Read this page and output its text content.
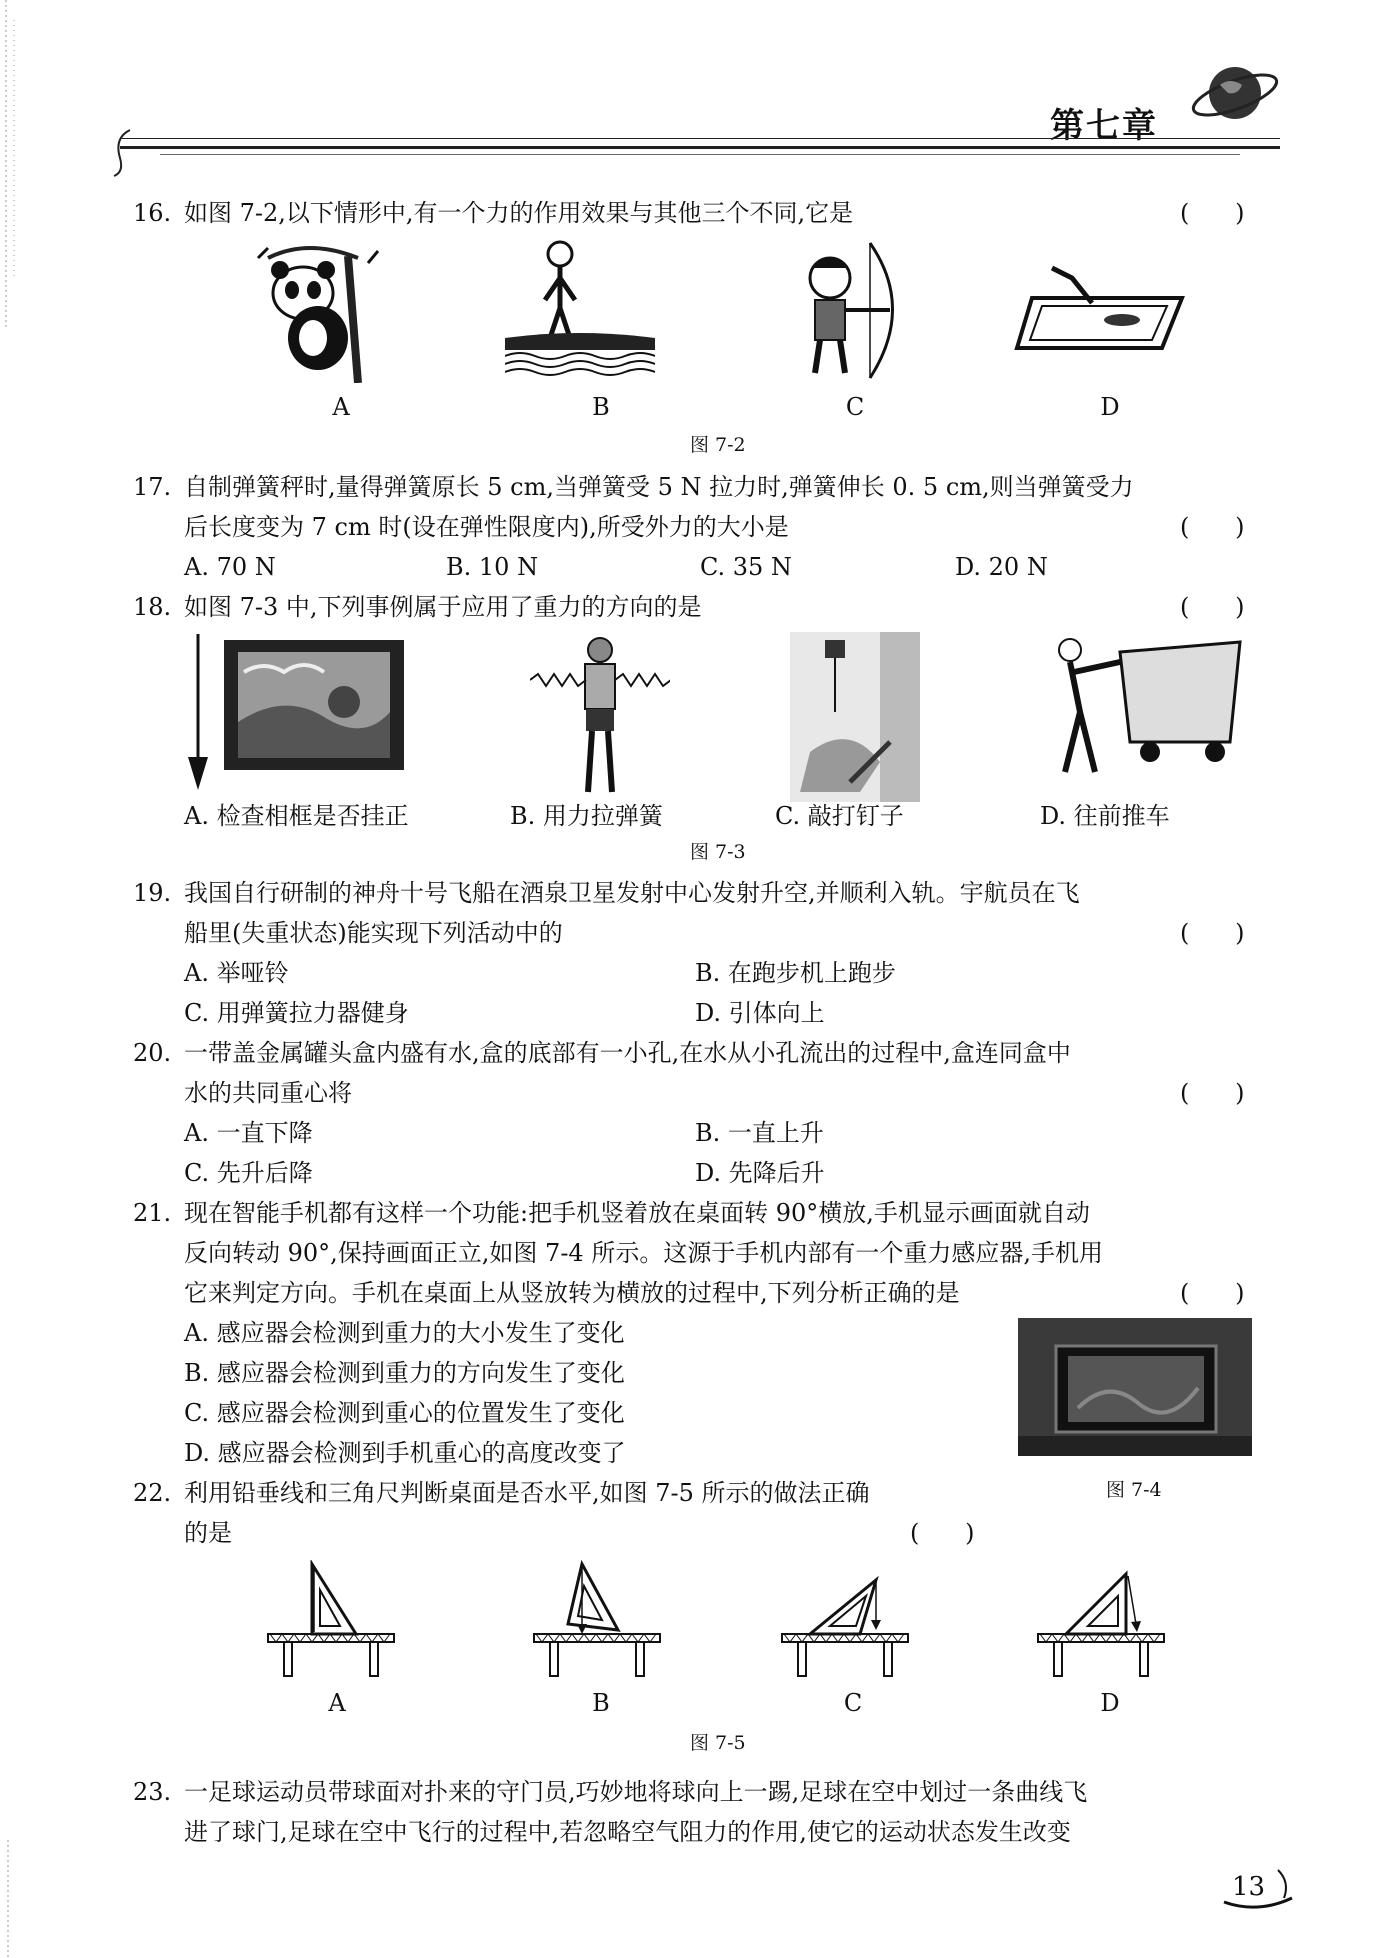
第七章
16. 如图 7-2,以下情形中,有一个力的作用效果与其他三个不同,它是	(      )
A	B	C	D
图 7-2
17. 自制弹簧秤时,量得弹簧原长 5 cm,当弹簧受 5 N 拉力时,弹簧伸长 0. 5 cm,则当弹簧受力
后长度变为 7 cm 时(设在弹性限度内),所受外力的大小是	(      )
A. 70 N	B. 10 N	C. 35 N	D. 20 N
18. 如图 7-3 中,下列事例属于应用了重力的方向的是	(      )
A. 检查相框是否挂正	B. 用力拉弹簧	C. 敲打钉子	D. 往前推车
图 7-3
19. 我国自行研制的神舟十号飞船在酒泉卫星发射中心发射升空,并顺利入轨。宇航员在飞
船里(失重状态)能实现下列活动中的	(      )
A. 举哑铃	B. 在跑步机上跑步
C. 用弹簧拉力器健身	D. 引体向上
20. 一带盖金属罐头盒内盛有水,盒的底部有一小孔,在水从小孔流出的过程中,盒连同盒中
水的共同重心将	(      )
A. 一直下降	B. 一直上升
C. 先升后降	D. 先降后升
21. 现在智能手机都有这样一个功能:把手机竖着放在桌面转 90°横放,手机显示画面就自动
反向转动 90°,保持画面正立,如图 7-4 所示。这源于手机内部有一个重力感应器,手机用
它来判定方向。手机在桌面上从竖放转为横放的过程中,下列分析正确的是	(      )
A. 感应器会检测到重力的大小发生了变化
B. 感应器会检测到重力的方向发生了变化
C. 感应器会检测到重心的位置发生了变化
D. 感应器会检测到手机重心的高度改变了
图 7-4
22. 利用铅垂线和三角尺判断桌面是否水平,如图 7-5 所示的做法正确
的是	(      )
A	B	C	D
图 7-5
23. 一足球运动员带球面对扑来的守门员,巧妙地将球向上一踢,足球在空中划过一条曲线飞
进了球门,足球在空中飞行的过程中,若忽略空气阻力的作用,使它的运动状态发生改变
13
